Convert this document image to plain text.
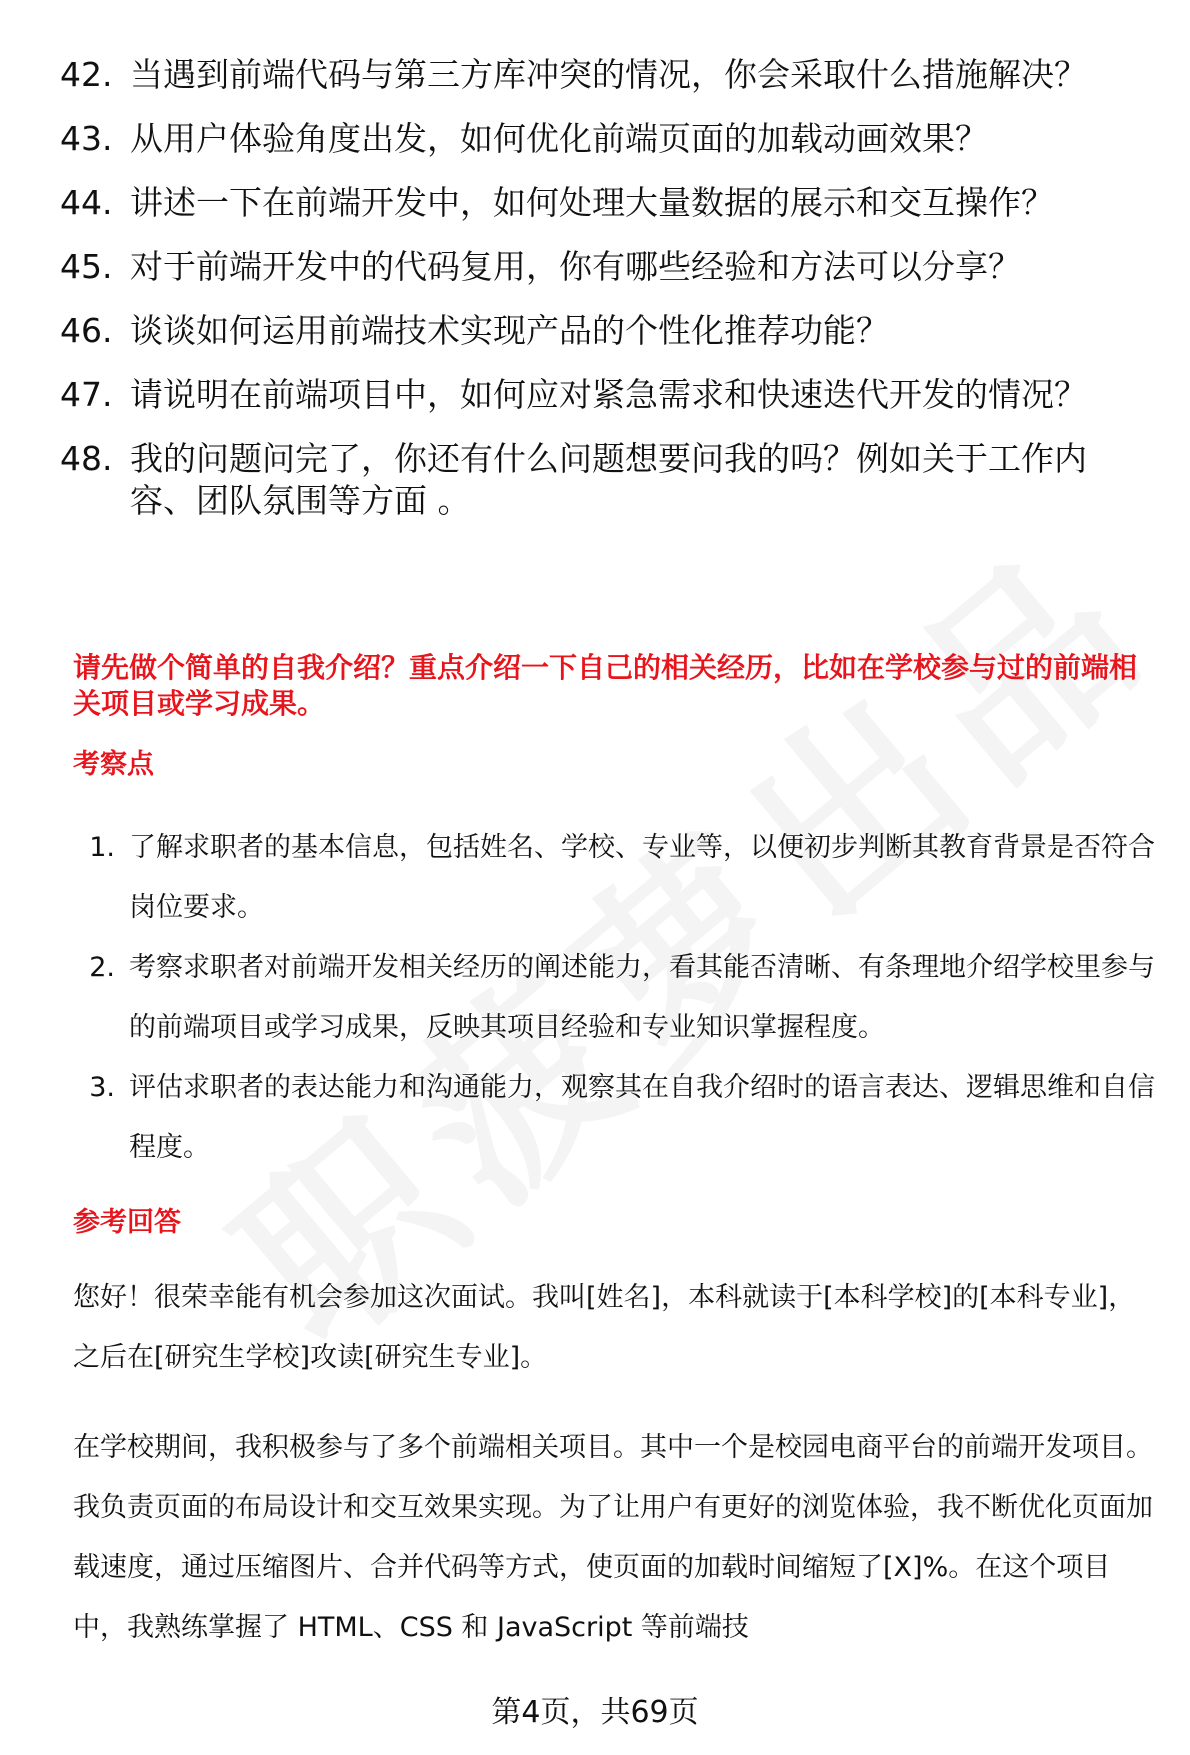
42. 当遇到前端代码与第三方库冲突的情况，你会采取什么措施解决？
43. 从用户体验角度出发，如何优化前端页面的加载动画效果？
44. 讲述一下在前端开发中，如何处理大量数据的展示和交互操作？
45. 对于前端开发中的代码复用，你有哪些经验和方法可以分享？
46. 谈谈如何运用前端技术实现产品的个性化推荐功能？
47. 请说明在前端项目中，如何应对紧急需求和快速迭代开发的情况？
48. 我的问题问完了，你还有什么问题想要问我的吗？例如关于工作内容、团队氛围等方面 。
请先做个简单的自我介绍？重点介绍一下自己的相关经历，比如在学校参与过的前端相关项目或学习成果。
考察点
1. 了解求职者的基本信息，包括姓名、学校、专业等，以便初步判断其教育背景是否符合岗位要求。
2. 考察求职者对前端开发相关经历的阐述能力，看其能否清晰、有条理地介绍学校里参与的前端项目或学习成果，反映其项目经验和专业知识掌握程度。
3. 评估求职者的表达能力和沟通能力，观察其在自我介绍时的语言表达、逻辑思维和自信程度。
参考回答
您好！很荣幸能有机会参加这次面试。我叫[姓名]，本科就读于[本科学校]的[本科专业]，之后在[研究生学校]攻读[研究生专业]。
在学校期间，我积极参与了多个前端相关项目。其中一个是校园电商平台的前端开发项目。我负责页面的布局设计和交互效果实现。为了让用户有更好的浏览体验，我不断优化页面加载速度，通过压缩图片、合并代码等方式，使页面的加载时间缩短了[X]%。在这个项目中，我熟练掌握了 HTML、CSS 和 JavaScript 等前端技
第4页，共69页
